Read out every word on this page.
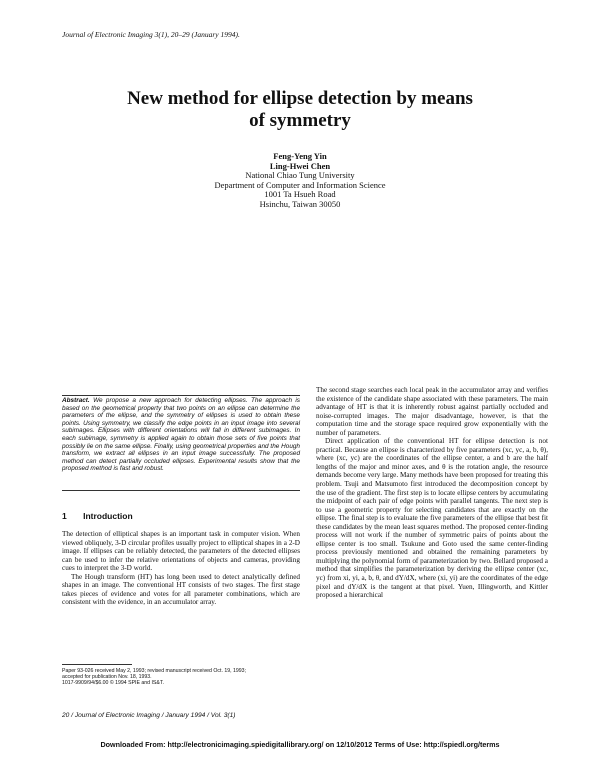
Journal of Electronic Imaging 3(1), 20–29 (January 1994).
New method for ellipse detection by means
of symmetry
Feng-Yeng Yin
Ling-Hwei Chen
National Chiao Tung University
Department of Computer and Information Science
1001 Ta Hsueh Road
Hsinchu, Taiwan 30050
Abstract. We propose a new approach for detecting ellipses. The approach is based on the geometrical property that two points on an ellipse can determine the parameters of the ellipse, and the symmetry of ellipses is used to obtain these points. Using symmetry, we classify the edge points in an input image into several subimages. Ellipses with different orientations will fall in different subimages. In each subimage, symmetry is applied again to obtain those sets of five points that possibly lie on the same ellipse. Finally, using geometrical properties and the Hough transform, we extract all ellipses in an input image successfully. The proposed method can detect partially occluded ellipses. Experimental results show that the proposed method is fast and robust.
1 Introduction

The detection of elliptical shapes is an important task in computer vision. When viewed obliquely, 3-D circular profiles usually project to elliptical shapes in a 2-D image. If ellipses can be reliably detected, the parameters of the detected ellipses can be used to infer the relative orientations of objects and cameras, providing cues to interpret the 3-D world.

The Hough transform (HT) has long been used to detect analytically defined shapes in an image. The conventional HT consists of two stages. The first stage takes pieces of evidence and votes for all parameter combinations, which are consistent with the evidence, in an accumulator array.

Paper 93-026 received May 2, 1993; revised manuscript received Oct. 19, 1993;
accepted for publication Nov. 18, 1993.
1017-9909/94/$6.00 © 1994 SPIE and IS&T.

The second stage searches each local peak in the accumulator array and verifies the existence of the candidate shape associated with these parameters. The main advantage of HT is that it is inherently robust against partially occluded and noise-corrupted images. The major disadvantage, however, is that the computation time and the storage space required grow exponentially with the number of parameters.

Direct application of the conventional HT for ellipse detection is not practical. Because an ellipse is characterized by five parameters (xc, yc, a, b, θ), where (xc, yc) are the coordinates of the ellipse center, a and b are the half lengths of the major and minor axes, and θ is the rotation angle, the resource demands become very large. Many methods have been proposed for treating this problem. Tsuji and Matsumoto first introduced the decomposition concept by the use of the gradient. The first step is to locate ellipse centers by accumulating the midpoint of each pair of edge points with parallel tangents. The next step is to use a geometric property for selecting candidates that are exactly on the ellipse. The final step is to evaluate the five parameters of the ellipse that best fit these candidates by the mean least squares method. The proposed center-finding process will not work if the number of symmetric pairs of points about the ellipse center is too small. Tsukune and Goto used the same center-finding process previously mentioned and obtained the remaining parameters by multiplying the polynomial form of parameterization by two. Bellard proposed a method that simplifies the parameterization by deriving the ellipse center (xc, yc) from xi, yi, a, b, θ, and dY/dX, where (xi, yi) are the coordinates of the edge pixel and dY/dX is the tangent at that pixel. Yuen, Illingworth, and Kittler proposed a hierarchical

20 / Journal of Electronic Imaging / January 1994 / Vol. 3(1)
Downloaded From: http://electronicimaging.spiedigitallibrary.org/ on 12/10/2012 Terms of Use: http://spiedl.org/terms
